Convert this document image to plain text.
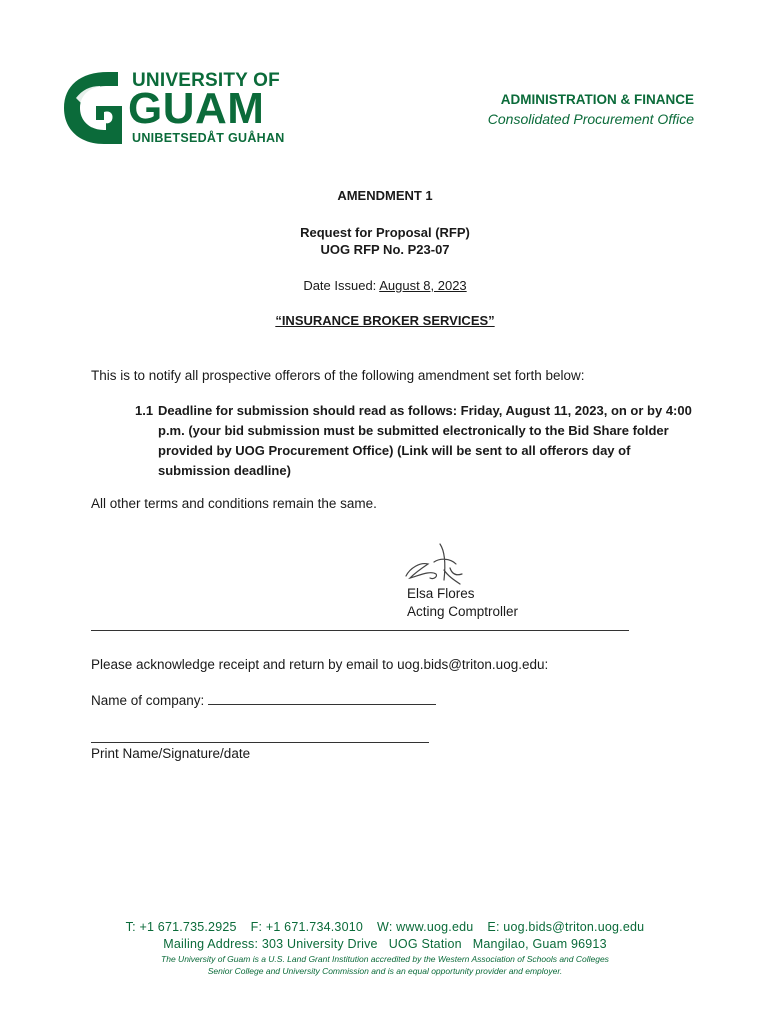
UNIVERSITY OF
GUAM
UNIBETSEDÅT GUÅHAN
ADMINISTRATION & FINANCE
Consolidated Procurement Office
AMENDMENT 1
Request for Proposal (RFP)
UOG RFP No. P23-07
Date Issued: August 8, 2023
“INSURANCE BROKER SERVICES”
This is to notify all prospective offerors of the following amendment set forth below:
1.1 Deadline for submission should read as follows: Friday, August 11, 2023, on or by 4:00 p.m. (your bid submission must be submitted electronically to the Bid Share folder provided by UOG Procurement Office) (Link will be sent to all offerors day of submission deadline)
All other terms and conditions remain the same.
Elsa Flores
Acting Comptroller
Please acknowledge receipt and return by email to uog.bids@triton.uog.edu:
Name of company:
Print Name/Signature/date
T: +1 671.735.2925 F: +1 671.734.3010 W: www.uog.edu E: uog.bids@triton.uog.edu
Mailing Address: 303 University Drive   UOG Station   Mangilao, Guam 96913
The University of Guam is a U.S. Land Grant Institution accredited by the Western Association of Schools and Colleges
Senior College and University Commission and is an equal opportunity provider and employer.
